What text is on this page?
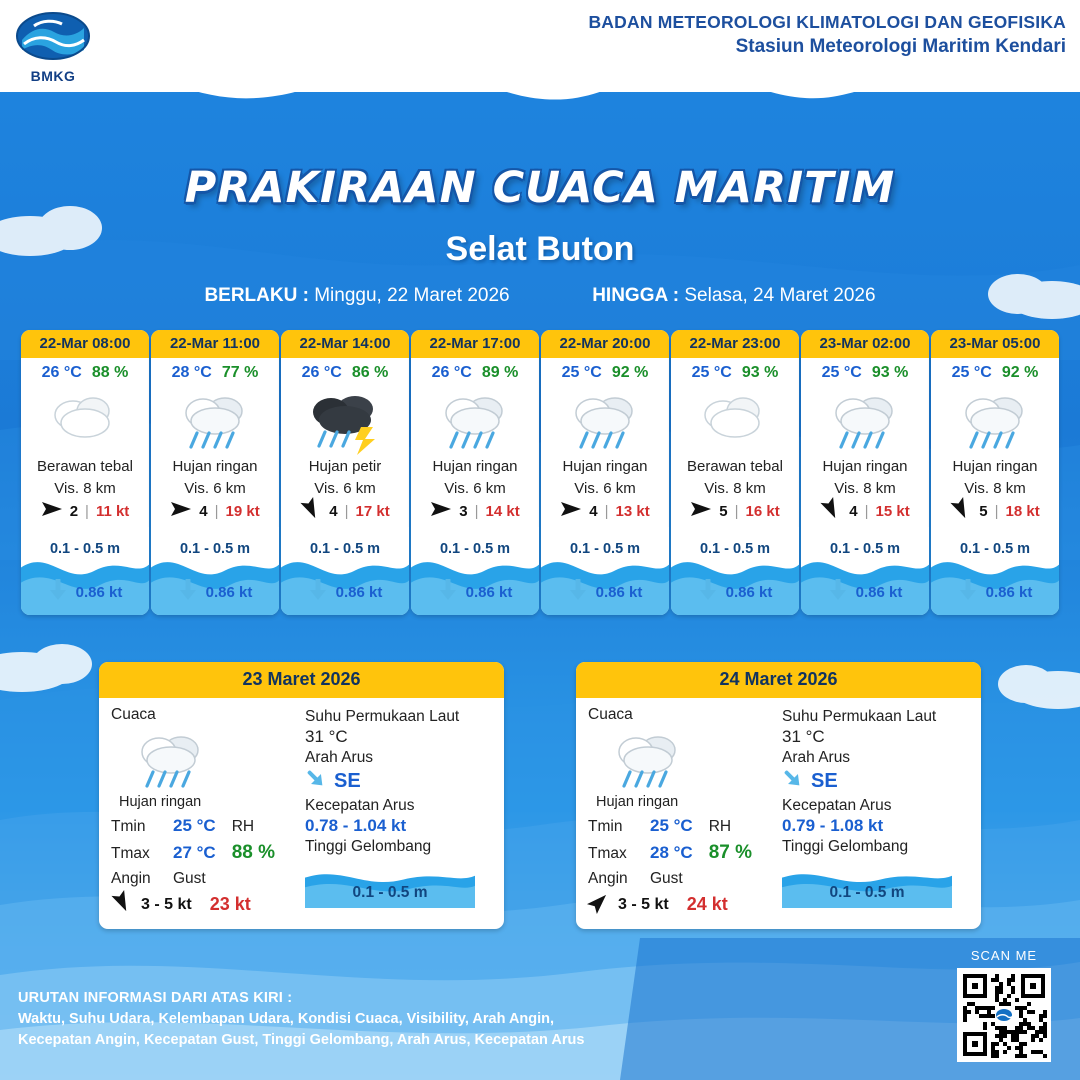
BMKG
BADAN METEOROLOGI KLIMATOLOGI DAN GEOFISIKA
Stasiun Meteorologi Maritim Kendari
PRAKIRAAN CUACA MARITIM
Selat Buton
BERLAKU : Minggu, 22 Maret 2026	HINGGA : Selasa, 24 Maret 2026
22-Mar 08:00
26 °C 88 %
Berawan tebal
Vis. 8 km
2 | 11 kt
0.1 - 0.5 m
0.86 kt
22-Mar 11:00
28 °C 77 %
Hujan ringan
Vis. 6 km
4 | 19 kt
0.1 - 0.5 m
0.86 kt
22-Mar 14:00
26 °C 86 %
Hujan petir
Vis. 6 km
4 | 17 kt
0.1 - 0.5 m
0.86 kt
22-Mar 17:00
26 °C 89 %
Hujan ringan
Vis. 6 km
3 | 14 kt
0.1 - 0.5 m
0.86 kt
22-Mar 20:00
25 °C 92 %
Hujan ringan
Vis. 6 km
4 | 13 kt
0.1 - 0.5 m
0.86 kt
22-Mar 23:00
25 °C 93 %
Berawan tebal
Vis. 8 km
5 | 16 kt
0.1 - 0.5 m
0.86 kt
23-Mar 02:00
25 °C 93 %
Hujan ringan
Vis. 8 km
4 | 15 kt
0.1 - 0.5 m
0.86 kt
23-Mar 05:00
25 °C 92 %
Hujan ringan
Vis. 8 km
5 | 18 kt
0.1 - 0.5 m
0.86 kt
23 Maret 2026
Cuaca
Hujan ringan
Tmin	25 °C RH
Tmax	27 °C 88 %
Angin	Gust
3 - 5 kt 23 kt
Suhu Permukaan Laut
31 °C
Arah Arus
SE
Kecepatan Arus
0.78 - 1.04 kt
Tinggi Gelombang
0.1 - 0.5 m
24 Maret 2026
Cuaca
Hujan ringan
Tmin	25 °C RH
Tmax	28 °C 87 %
Angin	Gust
3 - 5 kt 24 kt
Suhu Permukaan Laut
31 °C
Arah Arus
SE
Kecepatan Arus
0.79 - 1.08 kt
Tinggi Gelombang
0.1 - 0.5 m
URUTAN INFORMASI DARI ATAS KIRI :
Waktu, Suhu Udara, Kelembapan Udara, Kondisi Cuaca, Visibility, Arah Angin,
Kecepatan Angin, Kecepatan Gust, Tinggi Gelombang, Arah Arus, Kecepatan Arus
SCAN ME
